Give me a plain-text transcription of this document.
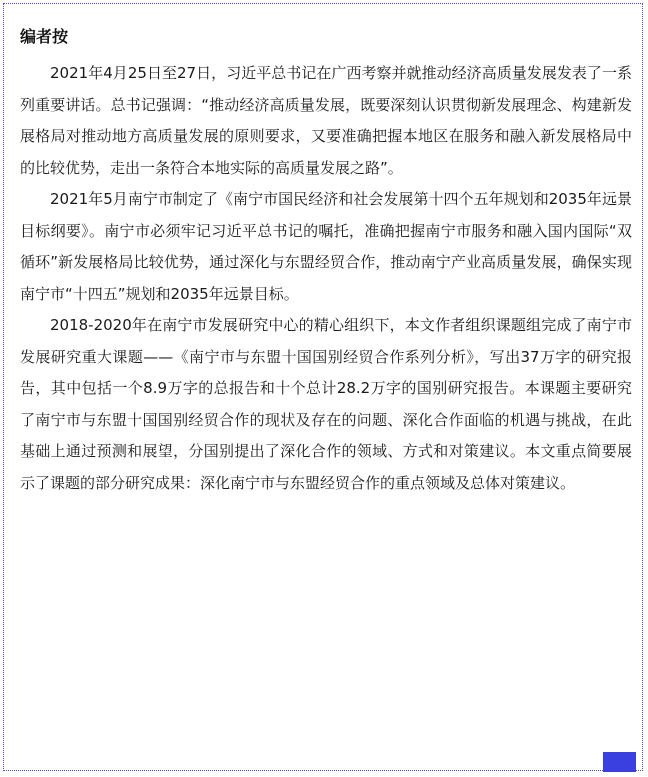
编者按

2021年4月25日至27日，习近平总书记在广西考察并就推动经济高质量发展发表了一系列重要讲话。总书记强调：“推动经济高质量发展，既要深刻认识贯彻新发展理念、构建新发展格局对推动地方高质量发展的原则要求，又要准确把握本地区在服务和融入新发展格局中的比较优势，走出一条符合本地实际的高质量发展之路”。

2021年5月南宁市制定了《南宁市国民经济和社会发展第十四个五年规划和2035年远景目标纲要》。南宁市必须牢记习近平总书记的嘱托，准确把握南宁市服务和融入国内国际“双循环”新发展格局比较优势，通过深化与东盟经贸合作，推动南宁产业高质量发展，确保实现南宁市“十四五”规划和2035年远景目标。

2018-2020年在南宁市发展研究中心的精心组织下，本文作者组织课题组完成了南宁市发展研究重大课题——《南宁市与东盟十国国别经贸合作系列分析》，写出37万字的研究报告，其中包括一个8.9万字的总报告和十个总计28.2万字的国别研究报告。本课题主要研究了南宁市与东盟十国国别经贸合作的现状及存在的问题、深化合作面临的机遇与挑战，在此基础上通过预测和展望，分国别提出了深化合作的领域、方式和对策建议。本文重点简要展示了课题的部分研究成果：深化南宁市与东盟经贸合作的重点领域及总体对策建议。
